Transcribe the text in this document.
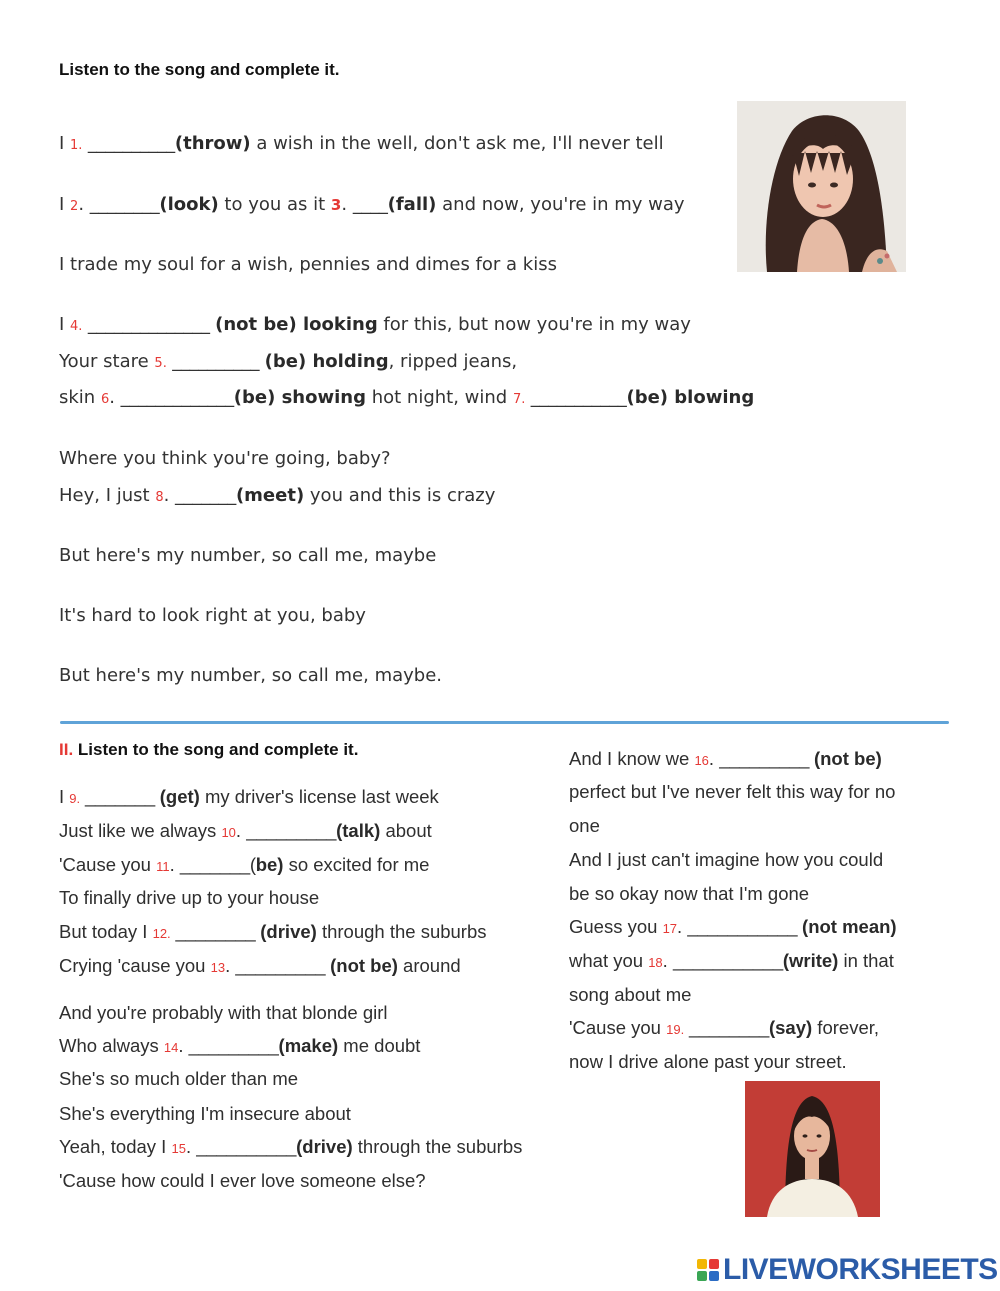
Listen to the song and complete it.
I 1. __________(throw) a wish in the well, don't ask me, I'll never tell
I 2. ________(look) to you as it 3. ____(fall) and now, you're in my way
I trade my soul for a wish, pennies and dimes for a kiss
I 4. ______________ (not be) looking for this, but now you're in my way
Your stare 5. __________ (be) holding, ripped jeans,
skin 6. _____________(be) showing hot night, wind 7. ___________(be) blowing
Where you think you're going, baby?
Hey, I just 8. _______(meet) you and this is crazy
But here's my number, so call me, maybe
It's hard to look right at you, baby
But here's my number, so call me, maybe.
II. Listen to the song and complete it.
I 9. _______ (get) my driver's license last week
Just like we always 10. _________(talk) about
'Cause you 11. _______(be) so excited for me
To finally drive up to your house
But today I 12. ________ (drive) through the suburbs
Crying 'cause you 13. _________ (not be) around
And you're probably with that blonde girl
Who always 14. _________(make) me doubt
She's so much older than me
She's everything I'm insecure about
Yeah, today I 15. __________(drive) through the suburbs
'Cause how could I ever love someone else?
And I know we 16. _________ (not be)
perfect but I've never felt this way for no
one
And I just can't imagine how you could
be so okay now that I'm gone
Guess you 17. ___________ (not mean)
what you 18. ___________(write) in that
song about me
'Cause you 19. ________(say) forever,
now I drive alone past your street.
LIVEWORKSHEETS
